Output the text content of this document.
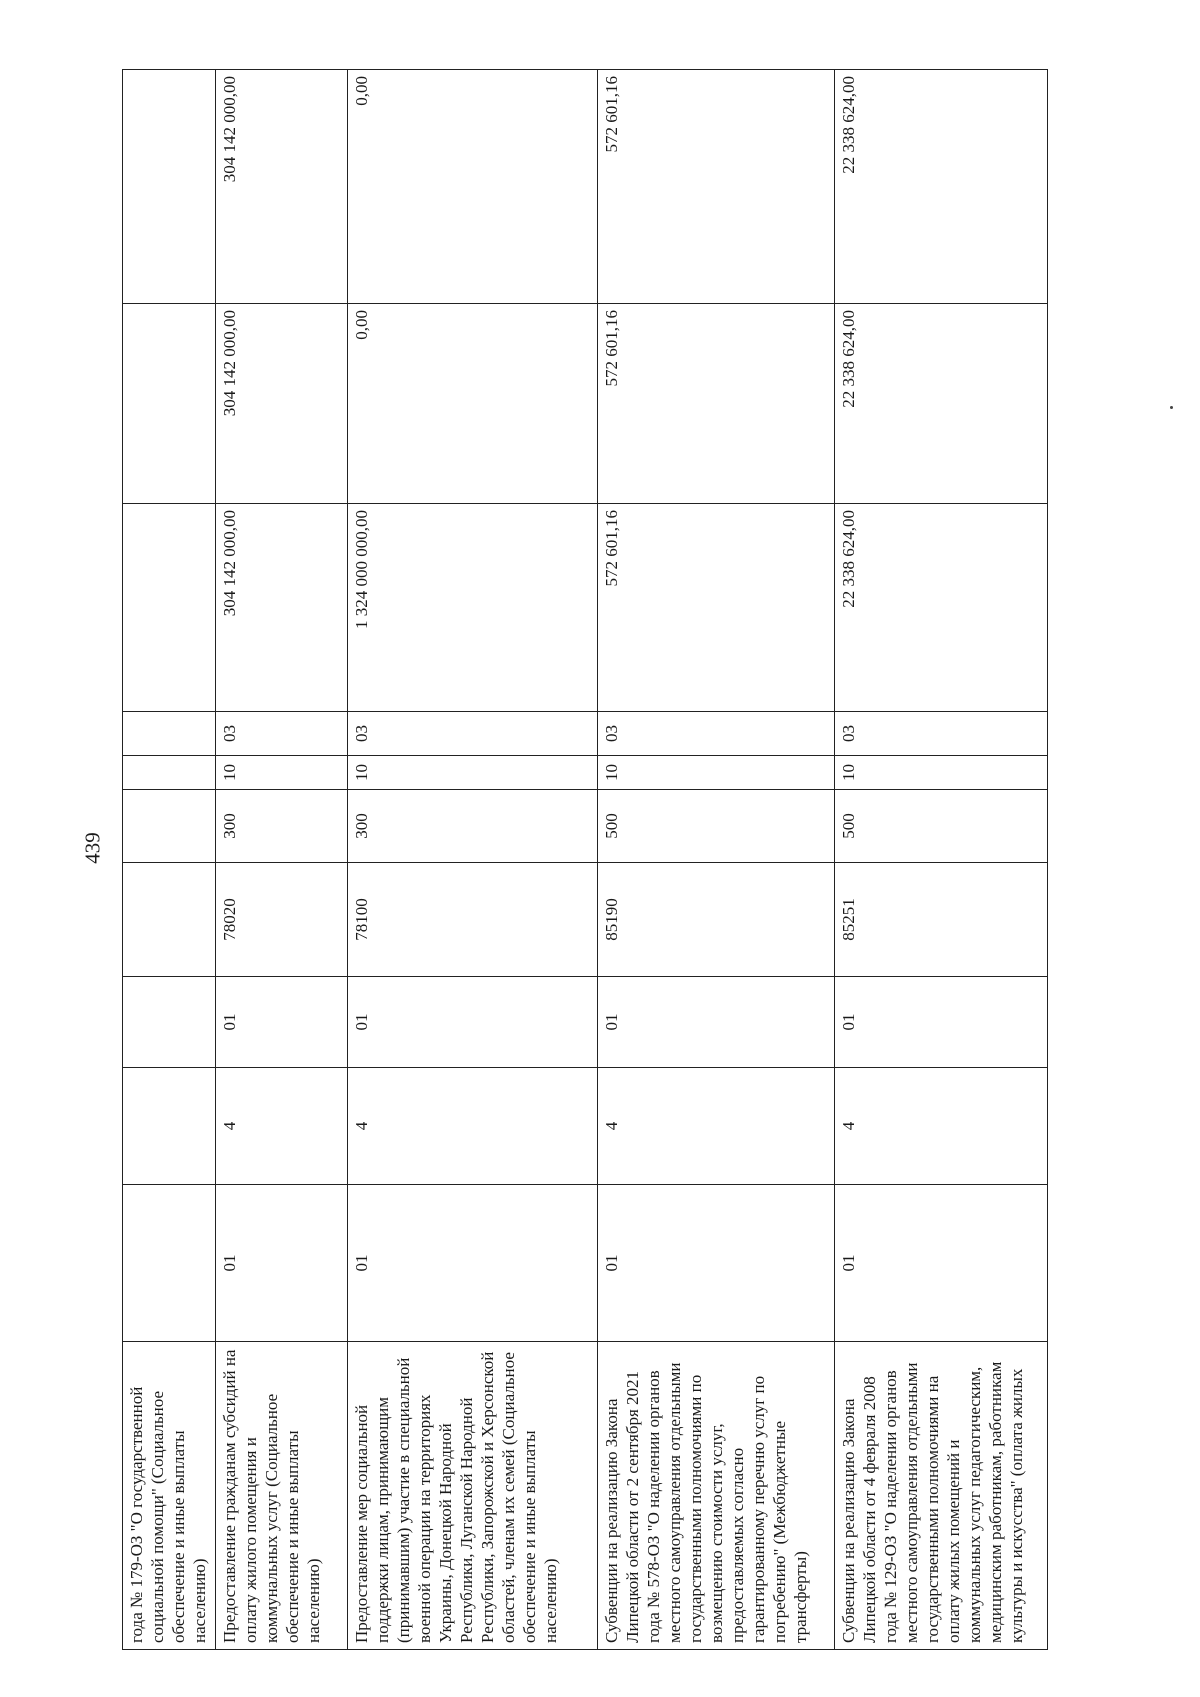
439
года № 179-ОЗ "О государственной социальной помощи" (Социальное обеспечение и иные выплаты населению)										
Предоставление гражданам субсидий на оплату жилого помещения и коммунальных услуг (Социальное обеспечение и иные выплаты населению)	01	4	01	78020	300	10	03	304 142 000,00	304 142 000,00	304 142 000,00
Предоставление мер социальной поддержки лицам, принимающим (принимавшим) участие в специальной военной операции на территориях Украины, Донецкой Народной Республики, Луганской Народной Республики, Запорожской и Херсонской областей, членам их семей (Социальное обеспечение и иные выплаты населению)	01	4	01	78100	300	10	03	1 324 000 000,00	0,00	0,00
Субвенции на реализацию Закона Липецкой области от 2 сентября 2021 года № 578-ОЗ "О наделении органов местного самоуправления отдельными государственными полномочиями по возмещению стоимости услуг, предоставляемых согласно гарантированному перечню услуг по погребению" (Межбюджетные трансферты)	01	4	01	85190	500	10	03	572 601,16	572 601,16	572 601,16
Субвенции на реализацию Закона Липецкой области от 4 февраля 2008 года № 129-ОЗ "О наделении органов местного самоуправления отдельными государственными полномочиями на оплату жилых помещений и коммунальных услуг педагогическим, медицинским работникам, работникам культуры и искусства" (оплата жилых	01	4	01	85251	500	10	03	22 338 624,00	22 338 624,00	22 338 624,00
